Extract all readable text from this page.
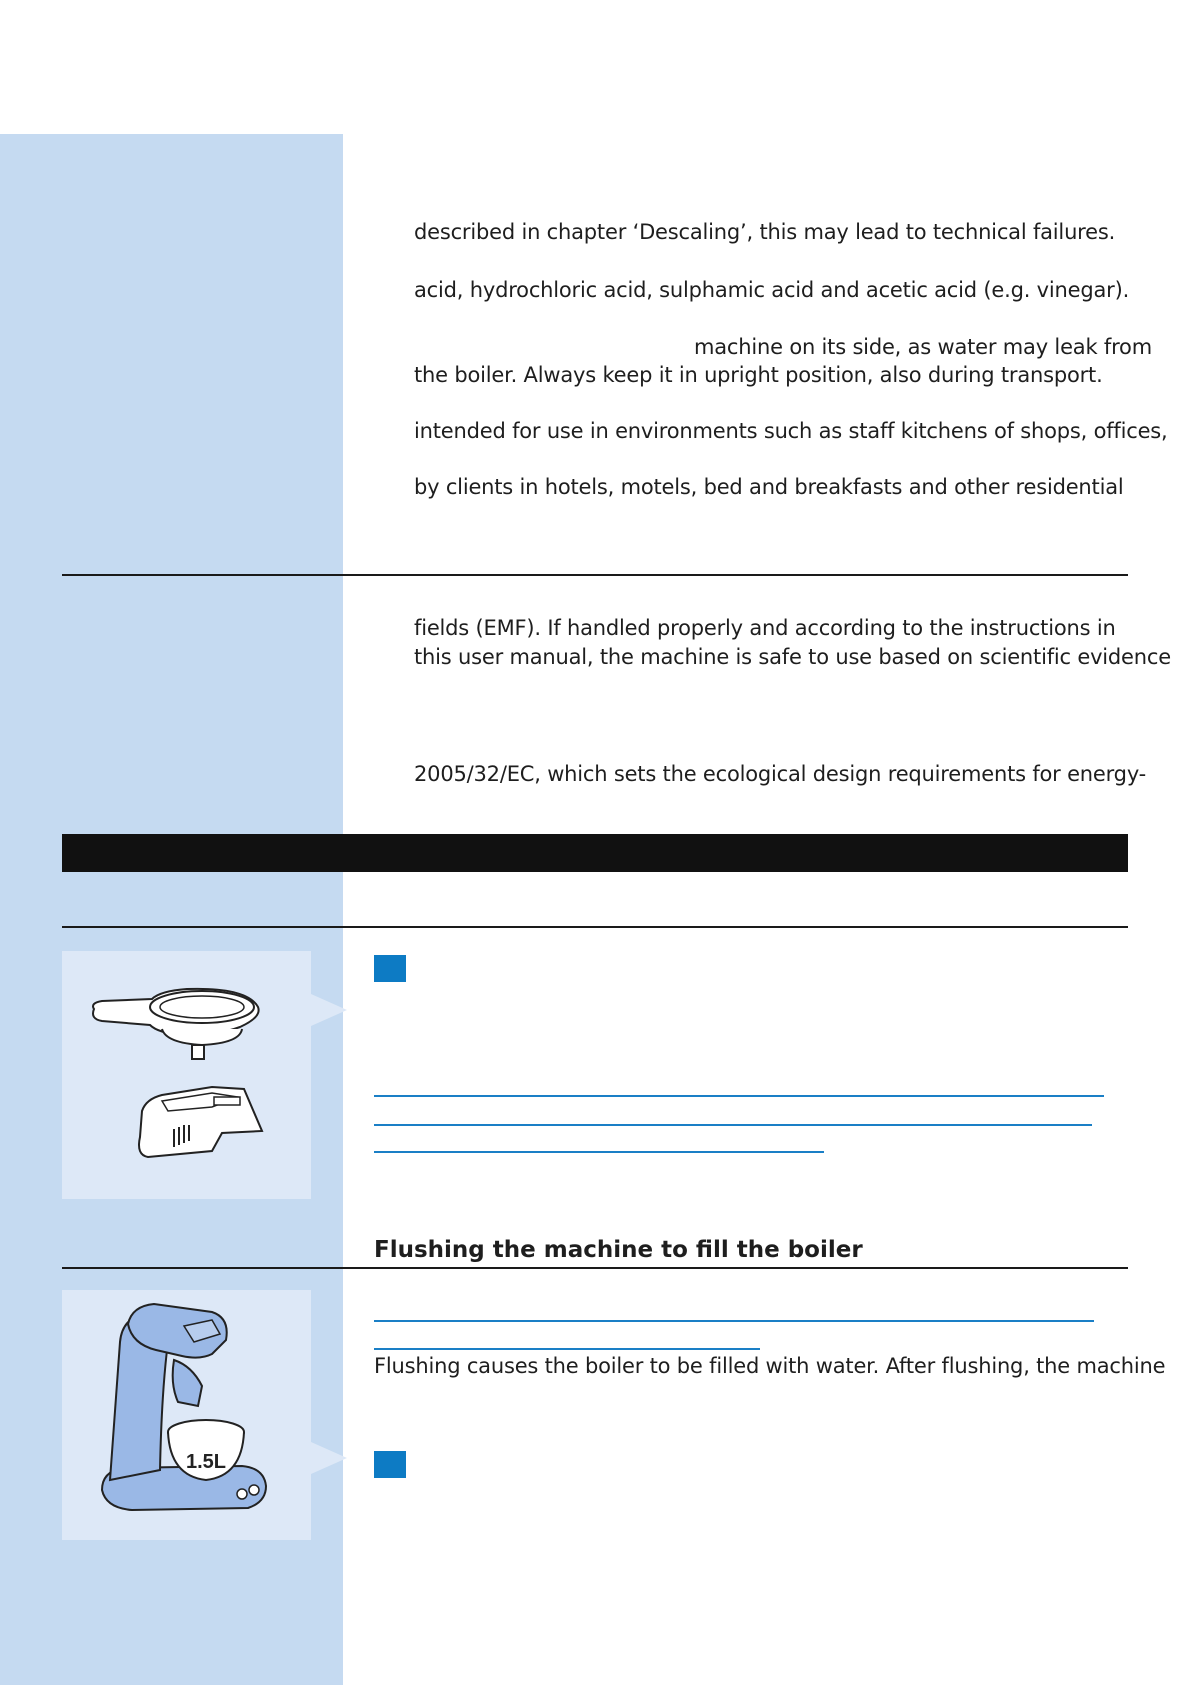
described in chapter ‘Descaling’, this may lead to technical failures.
acid, hydrochloric acid, sulphamic acid and acetic acid (e.g. vinegar).
machine on its side, as water may leak from
the boiler. Always keep it in upright position, also during transport.
intended for use in environments such as staff kitchens of shops, offices,
by clients in hotels, motels, bed and breakfasts and other residential
fields (EMF). If handled properly and according to the instructions in
this user manual, the machine is safe to use based on scientific evidence
2005/32/EC, which sets the ecological design requirements for energy-
Flushing the machine to fill the boiler
1.5L
Flushing causes the boiler to be filled with water. After flushing, the machine
